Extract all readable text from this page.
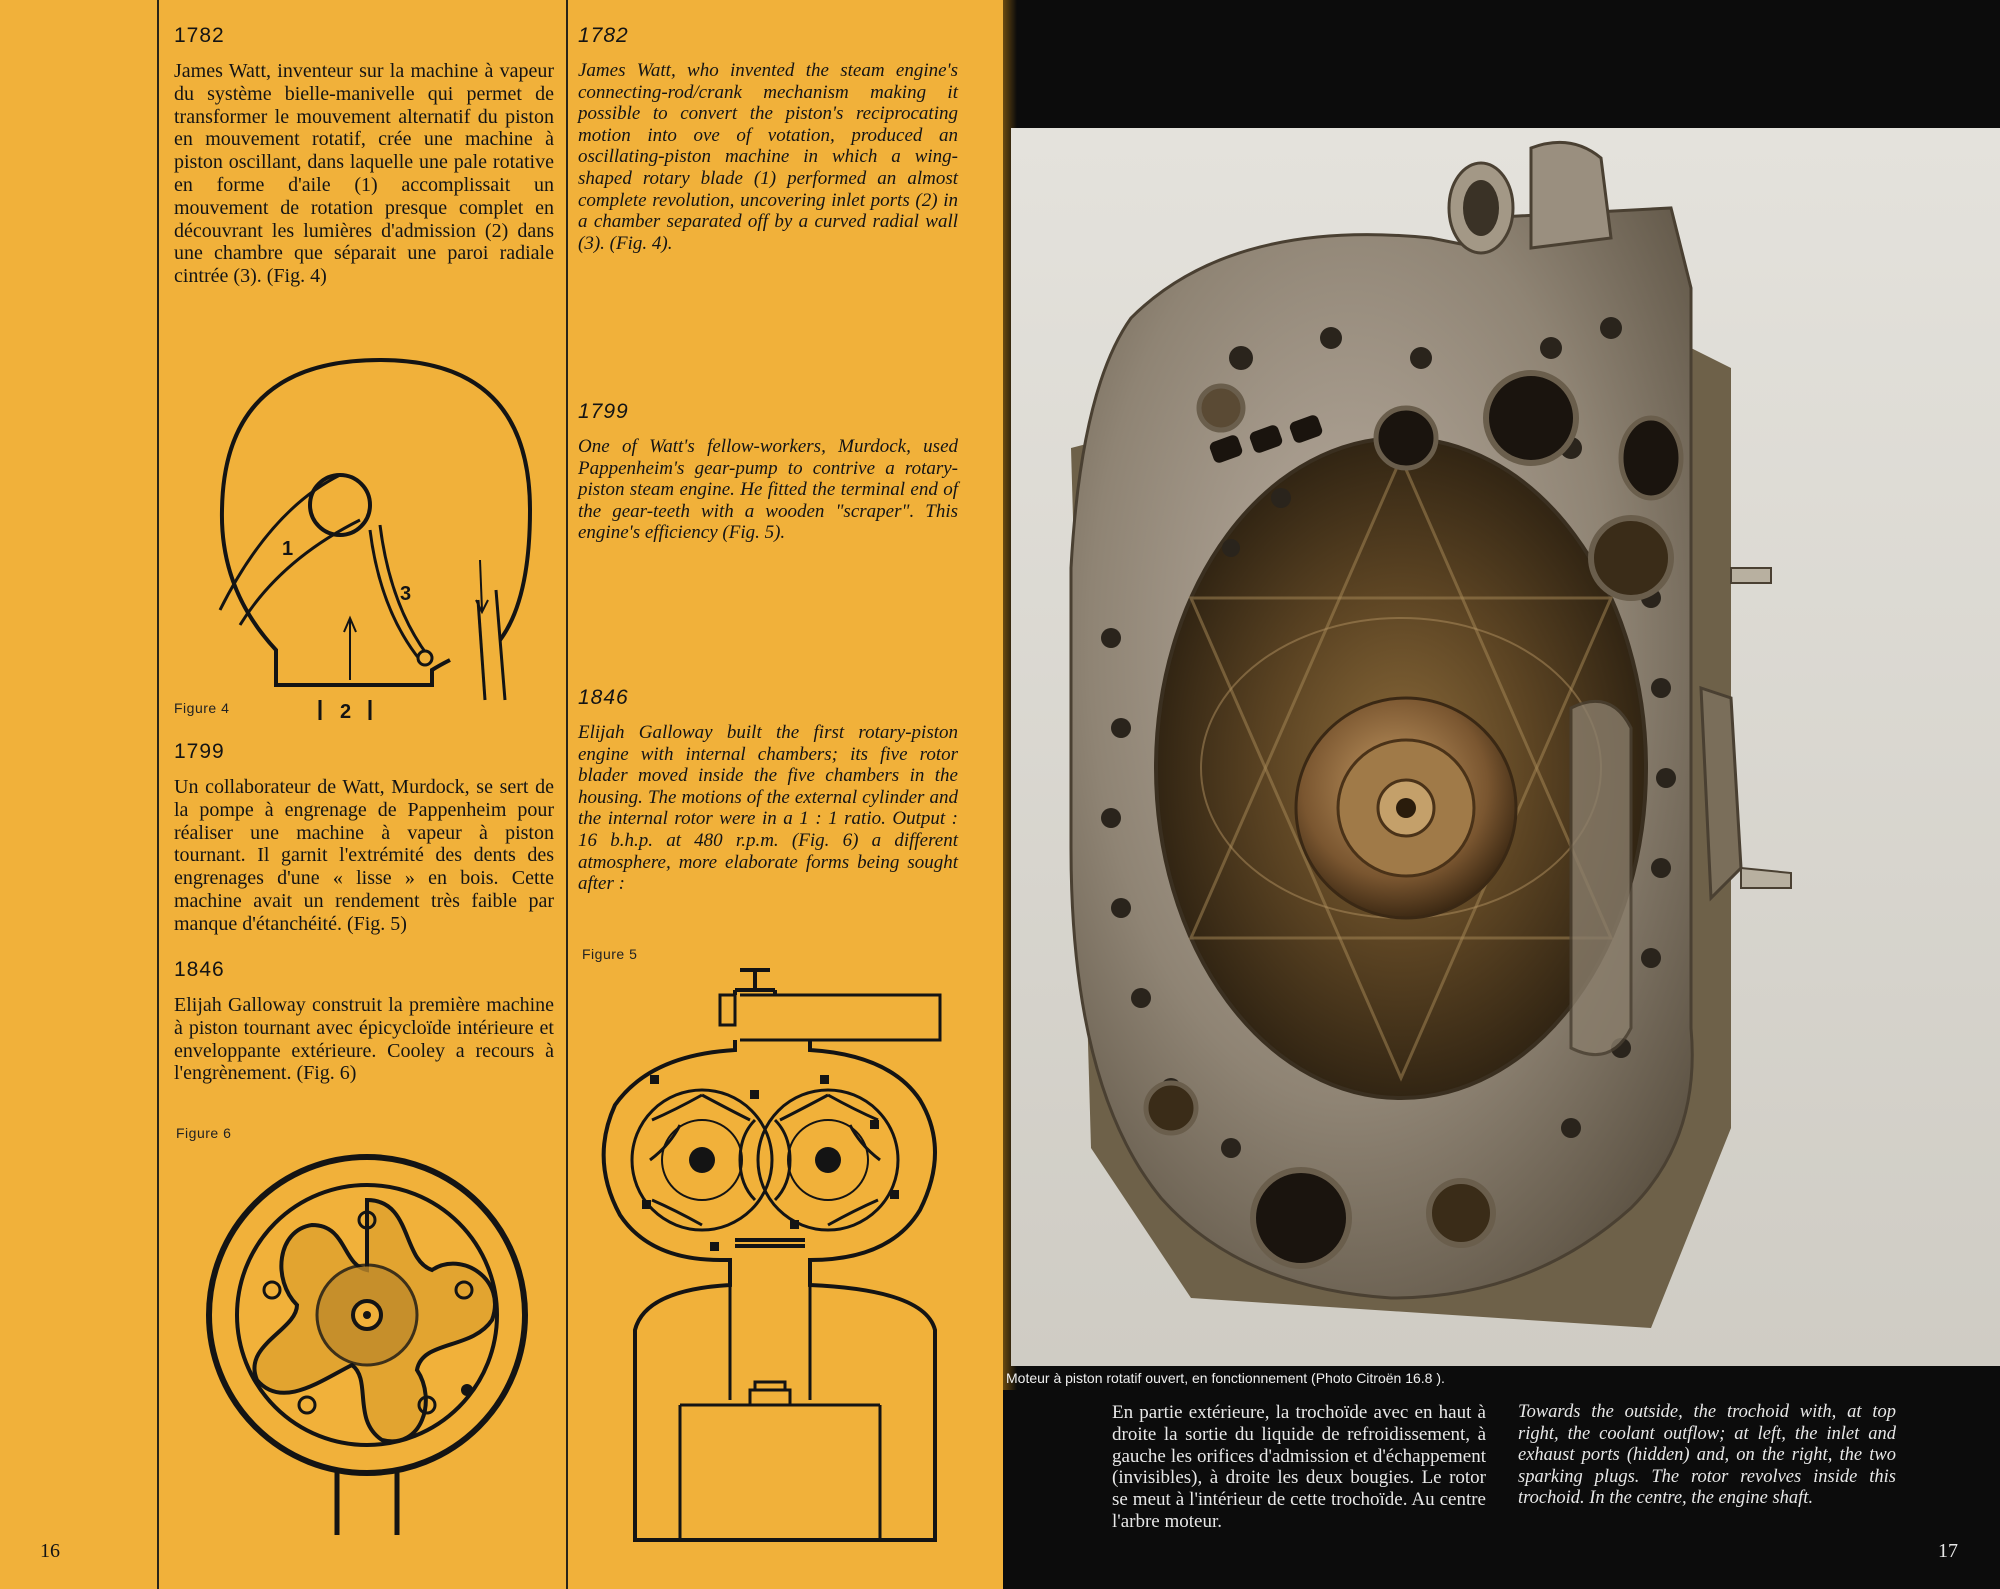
1782
James Watt, inventeur sur la machine à vapeur du système bielle-manivelle qui permet de transformer le mouvement alternatif du piston en mouvement rotatif, crée une machine à piston oscillant, dans laquelle une pale rotative en forme d'aile (1) accomplissait un mouvement de rotation presque complet en découvrant les lumières d'admission (2) dans une chambre que séparait une paroi radiale cintrée (3). (Fig. 4)
1
2
3
Figure 4
1799
Un collaborateur de Watt, Murdock, se sert de la pompe à engrenage de Pappenheim pour réaliser une machine à vapeur à piston tournant. Il garnit l'extrémité des dents des engrenages d'une « lisse » en bois. Cette machine avait un rendement très faible par manque d'étanchéité. (Fig. 5)
1846
Elijah Galloway construit la première machine à piston tournant avec épicycloïde intérieure et enveloppante extérieure. Cooley a recours à l'engrènement. (Fig. 6)
Figure 6
16
1782
James Watt, who invented the steam engine's connecting-rod/crank mechanism making it possible to convert the piston's reciprocating motion into ove of votation, produced an oscillating-piston machine in which a wing-shaped rotary blade (1) performed an almost complete revolution, uncovering inlet ports (2) in a chamber separated off by a curved radial wall (3). (Fig. 4).
1799
One of Watt's fellow-workers, Murdock, used Pappenheim's gear-pump to contrive a rotary-piston steam engine. He fitted the terminal end of the gear-teeth with a wooden "scraper". This engine's efficiency (Fig. 5).
1846
Elijah Galloway built the first rotary-piston engine with internal chambers; its five rotor blader moved inside the five chambers in the housing. The motions of the external cylinder and the internal rotor were in a 1 : 1 ratio. Output : 16 b.h.p. at 480 r.p.m. (Fig. 6) a different atmosphere, more elaborate forms being sought after :
Figure 5
Moteur à piston rotatif ouvert, en fonctionnement (Photo Citroën 16.8 ).
En partie extérieure, la trochoïde avec en haut à droite la sortie du liquide de refroidissement, à gauche les orifices d'admission et d'échappement (invisibles), à droite les deux bougies. Le rotor se meut à l'intérieur de cette trochoïde. Au centre l'arbre moteur.
Towards the outside, the trochoid with, at top right, the coolant outflow; at left, the inlet and exhaust ports (hidden) and, on the right, the two sparking plugs. The rotor revolves inside this trochoid. In the centre, the engine shaft.
17
